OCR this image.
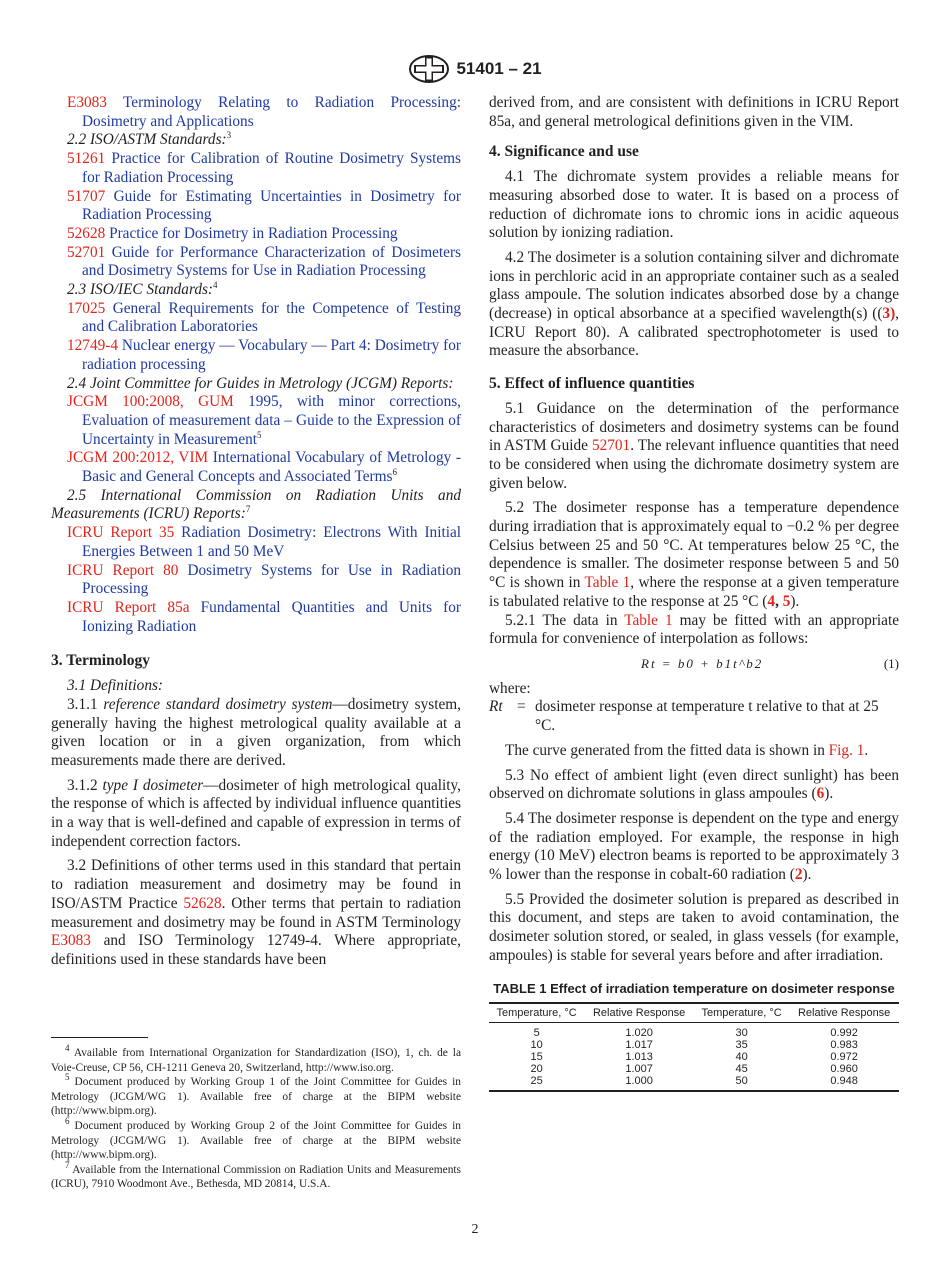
51401 – 21
E3083 Terminology Relating to Radiation Processing: Dosimetry and Applications
2.2 ISO/ASTM Standards:$^3$
51261 Practice for Calibration of Routine Dosimetry Systems for Radiation Processing
51707 Guide for Estimating Uncertainties in Dosimetry for Radiation Processing
52628 Practice for Dosimetry in Radiation Processing
52701 Guide for Performance Characterization of Dosimeters and Dosimetry Systems for Use in Radiation Processing
2.3 ISO/IEC Standards:$^4$
17025 General Requirements for the Competence of Testing and Calibration Laboratories
12749-4 Nuclear energy — Vocabulary — Part 4: Dosimetry for radiation processing
2.4 Joint Committee for Guides in Metrology (JCGM) Reports:
JCGM 100:2008, GUM 1995, with minor corrections, Evaluation of measurement data – Guide to the Expression of Uncertainty in Measurement$^5$
JCGM 200:2012, VIM International Vocabulary of Metrology - Basic and General Concepts and Associated Terms$^6$
2.5 International Commission on Radiation Units and Measurements (ICRU) Reports:$^7$
ICRU Report 35 Radiation Dosimetry: Electrons With Initial Energies Between 1 and 50 MeV
ICRU Report 80 Dosimetry Systems for Use in Radiation Processing
ICRU Report 85a Fundamental Quantities and Units for Ionizing Radiation
3. Terminology
3.1 Definitions:

3.1.1 reference standard dosimetry system—dosimetry system, generally having the highest metrological quality available at a given location or in a given organization, from which measurements made there are derived.

3.1.2 type I dosimeter—dosimeter of high metrological quality, the response of which is affected by individual influence quantities in a way that is well-defined and capable of expression in terms of independent correction factors.

3.2 Definitions of other terms used in this standard that pertain to radiation measurement and dosimetry may be found in ISO/ASTM Practice 52628. Other terms that pertain to radiation measurement and dosimetry may be found in ASTM Terminology E3083 and ISO Terminology 12749-4. Where appropriate, definitions used in these standards have been

$^4$ Available from International Organization for Standardization (ISO), 1, ch. de la Voie-Creuse, CP 56, CH-1211 Geneva 20, Switzerland, http://www.iso.org.
$^5$ Document produced by Working Group 1 of the Joint Committee for Guides in Metrology (JCGM/WG 1). Available free of charge at the BIPM website (http://www.bipm.org).
$^6$ Document produced by Working Group 2 of the Joint Committee for Guides in Metrology (JCGM/WG 1). Available free of charge at the BIPM website (http://www.bipm.org).
$^7$ Available from the International Commission on Radiation Units and Measurements (ICRU), 7910 Woodmont Ave., Bethesda, MD 20814, U.S.A.

derived from, and are consistent with definitions in ICRU Report 85a, and general metrological definitions given in the VIM.

4. Significance and use

4.1 The dichromate system provides a reliable means for measuring absorbed dose to water. It is based on a process of reduction of dichromate ions to chromic ions in acidic aqueous solution by ionizing radiation.

4.2 The dosimeter is a solution containing silver and dichromate ions in perchloric acid in an appropriate container such as a sealed glass ampoule. The solution indicates absorbed dose by a change (decrease) in optical absorbance at a specified wavelength(s) ((3), ICRU Report 80). A calibrated spectrophotometer is used to measure the absorbance.

5. Effect of influence quantities

5.1 Guidance on the determination of the performance characteristics of dosimeters and dosimetry systems can be found in ASTM Guide 52701. The relevant influence quantities that need to be considered when using the dichromate dosimetry system are given below.

5.2 The dosimeter response has a temperature dependence during irradiation that is approximately equal to −0.2 % per degree Celsius between 25 and 50 °C. At temperatures below 25 °C, the dependence is smaller. The dosimeter response between 5 and 50 °C is shown in Table 1, where the response at a given temperature is tabulated relative to the response at 25 °C (4, 5).

5.2.1 The data in Table 1 may be fitted with an appropriate formula for convenience of interpolation as follows:

Rt = b0 + b1t^b2	(1)
where:
Rt = dosimeter response at temperature t relative to that at 25 °C.

The curve generated from the fitted data is shown in Fig. 1.

5.3 No effect of ambient light (even direct sunlight) has been observed on dichromate solutions in glass ampoules (6).

5.4 The dosimeter response is dependent on the type and energy of the radiation employed. For example, the response in high energy (10 MeV) electron beams is reported to be approximately 3 % lower than the response in cobalt-60 radiation (2).

5.5 Provided the dosimeter solution is prepared as described in this document, and steps are taken to avoid contamination, the dosimeter solution stored, or sealed, in glass vessels (for example, ampoules) is stable for several years before and after irradiation.

TABLE 1 Effect of irradiation temperature on dosimeter response
Temperature, °C	Relative Response	Temperature, °C	Relative Response
5	1.020	30	0.992
10	1.017	35	0.983
15	1.013	40	0.972
20	1.007	45	0.960
25	1.000	50	0.948
2
